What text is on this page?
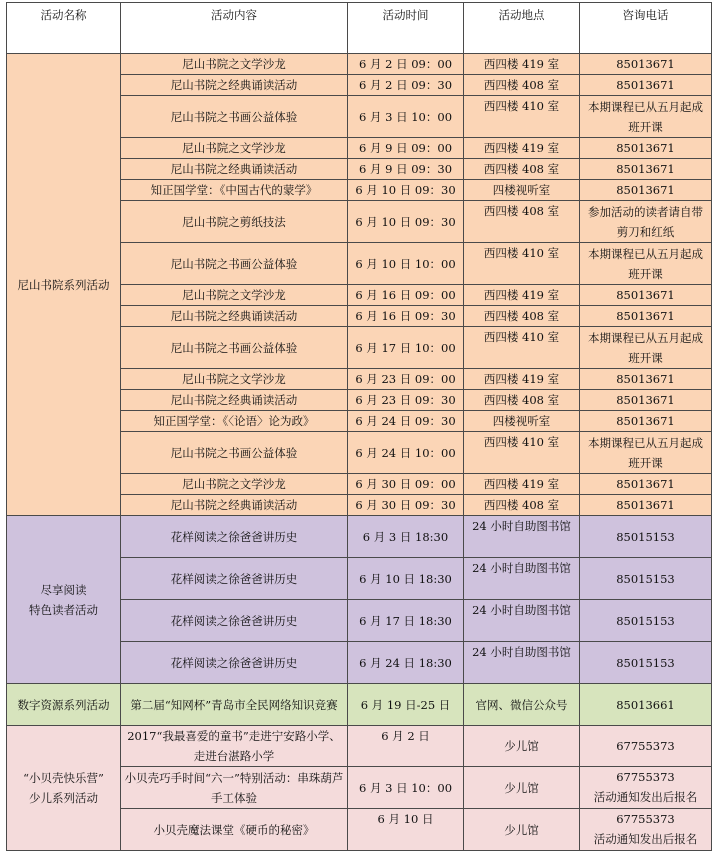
活动名称	活动内容	活动时间	活动地点	咨询电话
尼山书院系列活动	尼山书院之文学沙龙	6 月 2 日 09：00	西四楼 419 室	85013671
	尼山书院之经典诵读活动	6 月 2 日 09：30	西四楼 408 室	85013671
	尼山书院之书画公益体验	6 月 3 日 10：00	西四楼 410 室	本期课程已从五月起成班开课
	尼山书院之文学沙龙	6 月 9 日 09：00	西四楼 419 室	85013671
	尼山书院之经典诵读活动	6 月 9 日 09：30	西四楼 408 室	85013671
	知正国学堂：《中国古代的蒙学》	6 月 10 日 09：30	四楼视听室	85013671
	尼山书院之剪纸技法	6 月 10 日 09：30	西四楼 408 室	参加活动的读者请自带剪刀和红纸
	尼山书院之书画公益体验	6 月 10 日 10：00	西四楼 410 室	本期课程已从五月起成班开课
	尼山书院之文学沙龙	6 月 16 日 09：00	西四楼 419 室	85013671
	尼山书院之经典诵读活动	6 月 16 日 09：30	西四楼 408 室	85013671
	尼山书院之书画公益体验	6 月 17 日 10：00	西四楼 410 室	本期课程已从五月起成班开课
	尼山书院之文学沙龙	6 月 23 日 09：00	西四楼 419 室	85013671
	尼山书院之经典诵读活动	6 月 23 日 09：30	西四楼 408 室	85013671
	知正国学堂：《〈论语〉论为政》	6 月 24 日 09：30	四楼视听室	85013671
	尼山书院之书画公益体验	6 月 24 日 10：00	西四楼 410 室	本期课程已从五月起成班开课
	尼山书院之文学沙龙	6 月 30 日 09：00	西四楼 419 室	85013671
	尼山书院之经典诵读活动	6 月 30 日 09：30	西四楼 408 室	85013671
尽享阅读
特色读者活动	花样阅读之徐爸爸讲历史	6 月 3 日 18:30	24 小时自助图书馆	85015153
	花样阅读之徐爸爸讲历史	6 月 10 日 18:30	24 小时自助图书馆	85015153
	花样阅读之徐爸爸讲历史	6 月 17 日 18:30	24 小时自助图书馆	85015153
	花样阅读之徐爸爸讲历史	6 月 24 日 18:30	24 小时自助图书馆	85015153
数字资源系列活动	第二届“知网杯”青岛市全民网络知识竞赛	6 月 19 日-25 日	官网、微信公众号	85013661
“小贝壳快乐营”
少儿系列活动	2017“我最喜爱的童书”走进宁安路小学、走进台湛路小学	6 月 2 日	少儿馆	67755373
	小贝壳巧手时间“六一”特别活动：串珠葫芦手工体验	6 月 3 日 10：00	少儿馆	67755373
活动通知发出后报名
	小贝壳魔法课堂《硬币的秘密》	6 月 10 日	少儿馆	67755373
活动通知发出后报名
